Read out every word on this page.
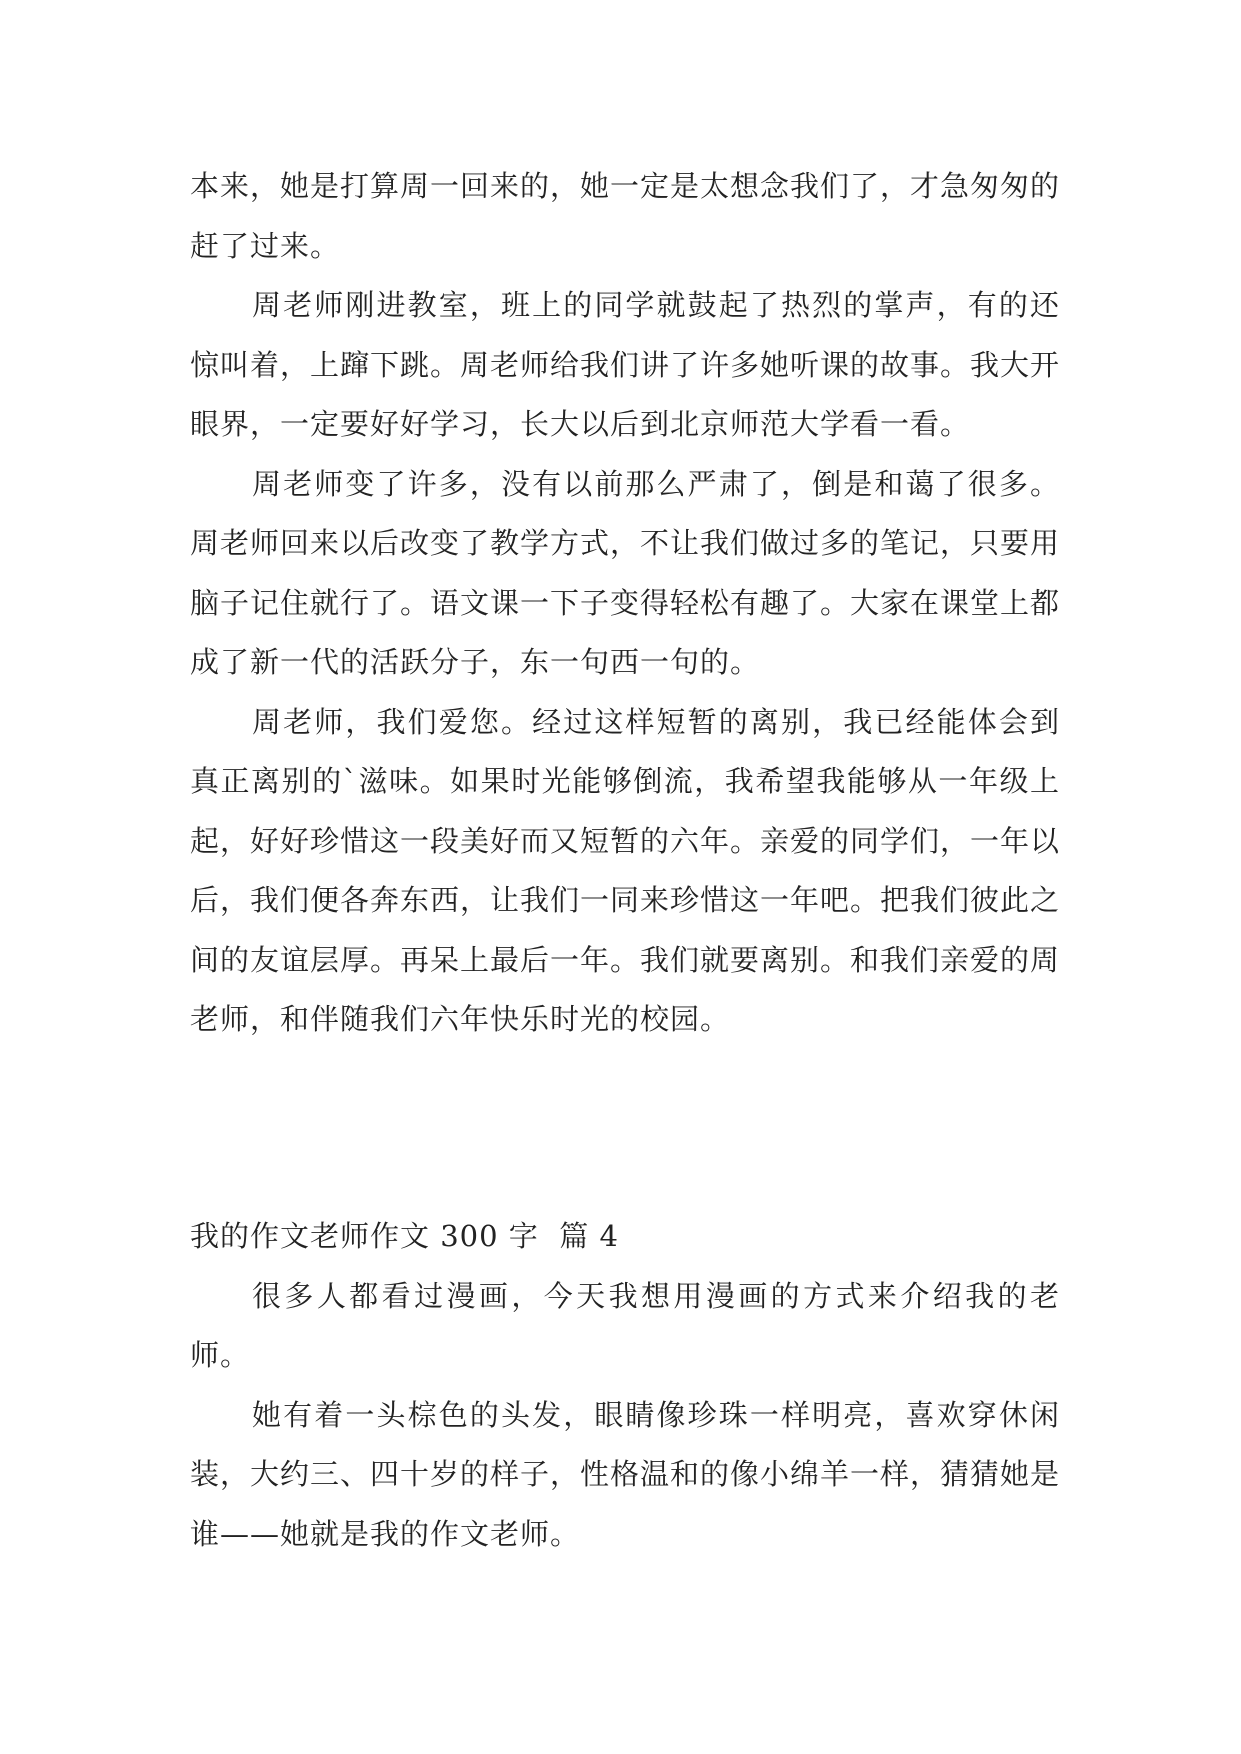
本来，她是打算周一回来的，她一定是太想念我们了，才急匆匆的赶了过来。

周老师刚进教室，班上的同学就鼓起了热烈的掌声，有的还惊叫着，上蹿下跳。周老师给我们讲了许多她听课的故事。我大开眼界，一定要好好学习，长大以后到北京师范大学看一看。

周老师变了许多，没有以前那么严肃了，倒是和蔼了很多。周老师回来以后改变了教学方式，不让我们做过多的笔记，只要用脑子记住就行了。语文课一下子变得轻松有趣了。大家在课堂上都成了新一代的活跃分子，东一句西一句的。

周老师，我们爱您。经过这样短暂的离别，我已经能体会到真正离别的`滋味。如果时光能够倒流，我希望我能够从一年级上起，好好珍惜这一段美好而又短暂的六年。亲爱的同学们，一年以后，我们便各奔东西，让我们一同来珍惜这一年吧。把我们彼此之间的友谊层厚。再呆上最后一年。我们就要离别。和我们亲爱的周老师，和伴随我们六年快乐时光的校园。

我的作文老师作文 300 字  篇 4

很多人都看过漫画，今天我想用漫画的方式来介绍我的老师。

她有着一头棕色的头发，眼睛像珍珠一样明亮，喜欢穿休闲装，大约三、四十岁的样子，性格温和的像小绵羊一样，猜猜她是谁——她就是我的作文老师。
